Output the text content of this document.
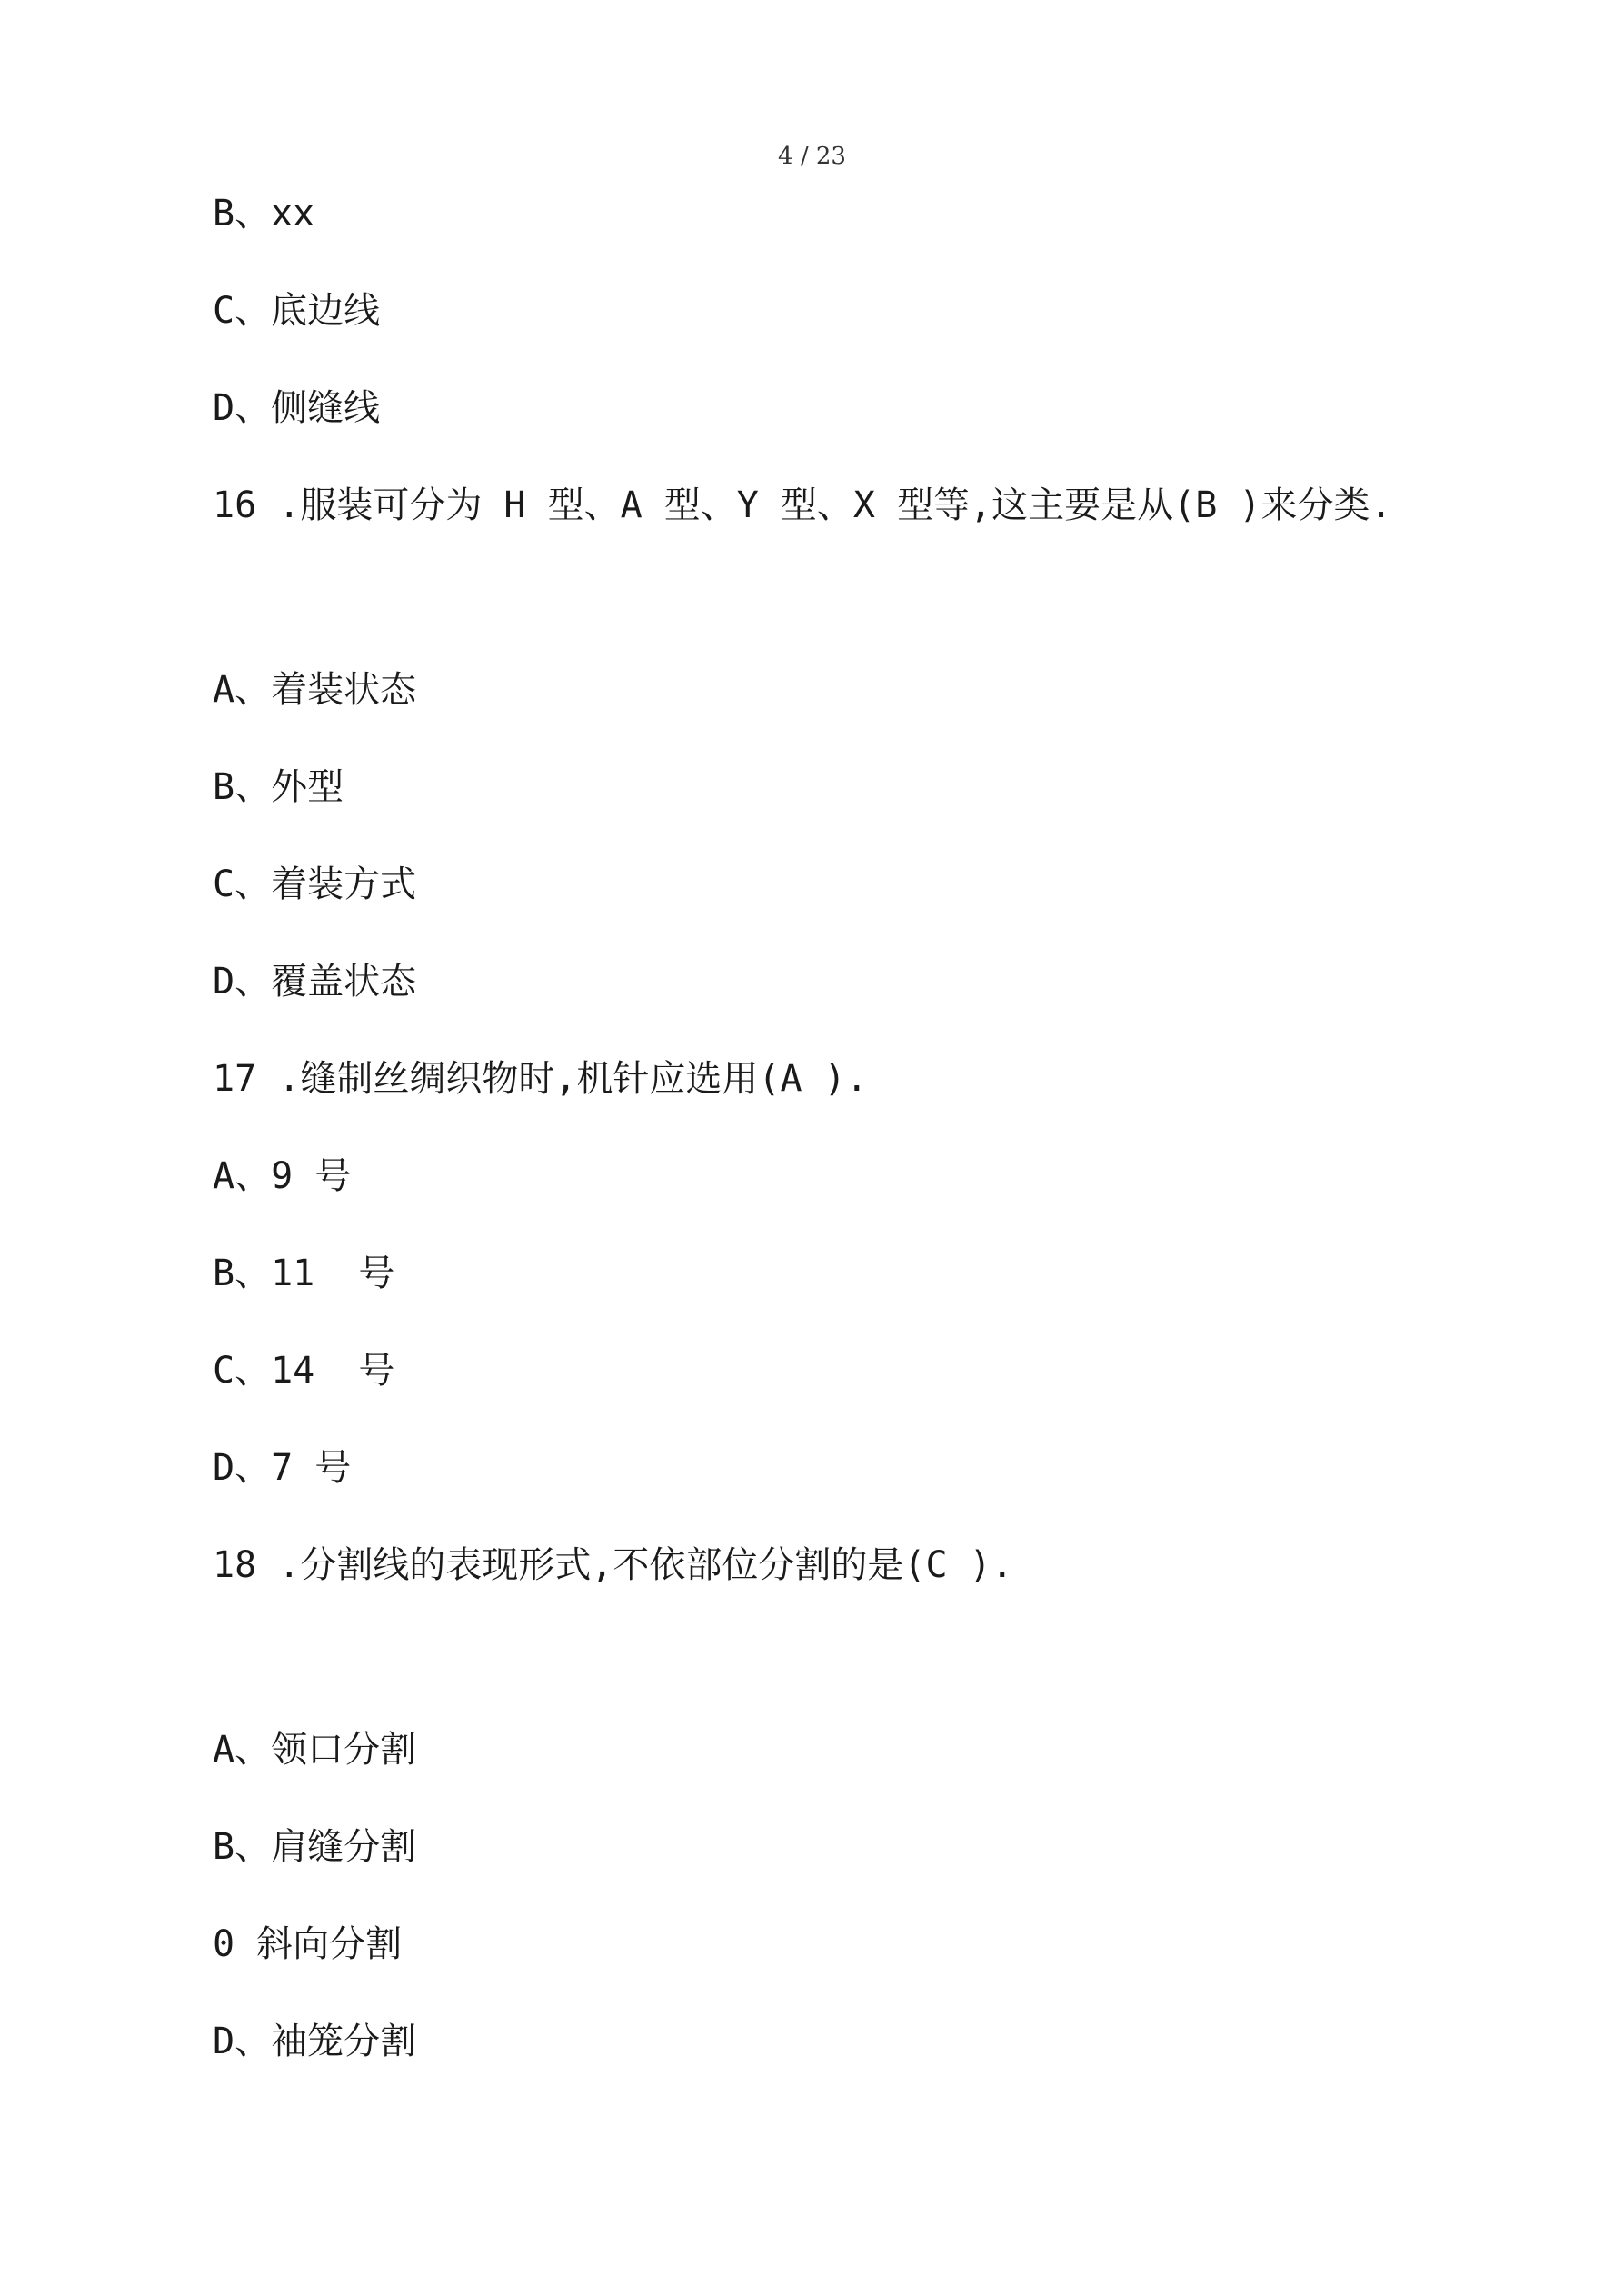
4 / 23
B、xx
C、底边线
D、侧缝线
16 .服装可分为 H 型、A 型、Y 型、X 型等,这主要是从(B )来分类.
A、着装状态
B、外型
C、着装方式
D、覆盖状态
17 .缝制丝绸织物时,机针应选用(A ).
A、9 号
B、11  号
C、14  号
D、7 号
18 .分割线的表现形式,不依部位分割的是(C ).
A、领口分割
B、肩缝分割
0 斜向分割
D、袖笼分割
